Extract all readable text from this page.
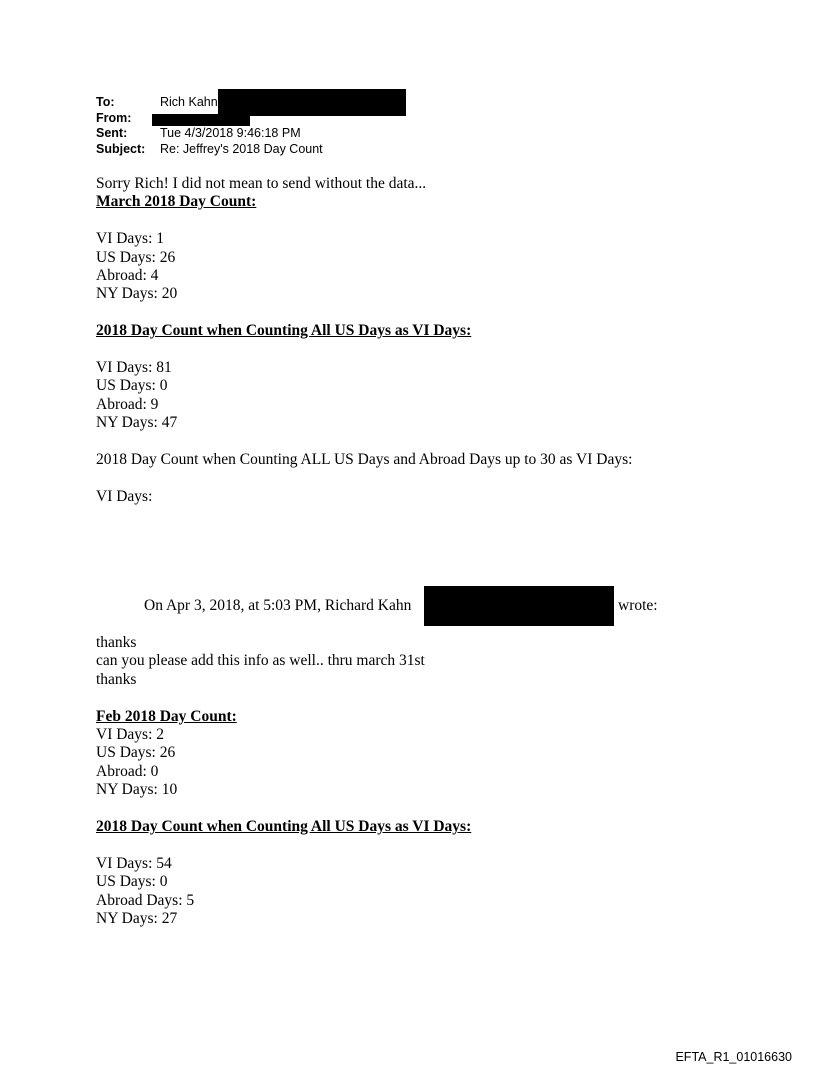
To:	Rich Kahn
From:
Sent:	Tue 4/3/2018 9:46:18 PM
Subject: Re: Jeffrey's 2018 Day Count

Sorry Rich! I did not mean to send without the data...

March 2018 Day Count:

VI Days: 1

US Days: 26

Abroad: 4

NY Days: 20

2018 Day Count when Counting All US Days as VI Days:

VI Days: 81

US Days: 0

Abroad: 9

NY Days: 47

2018 Day Count when Counting ALL US Days and Abroad Days up to 30 as VI Days:

VI Days:

On Apr 3, 2018, at 5:03 PM, Richard Kahn	wrote:

thanks

can you please add this info as well.. thru march 31st

thanks

Feb 2018 Day Count:

VI Days: 2

US Days: 26

Abroad: 0

NY Days: 10

2018 Day Count when Counting All US Days as VI Days:

VI Days: 54

US Days: 0

Abroad Days: 5

NY Days: 27

EFTA_R1_01016630
